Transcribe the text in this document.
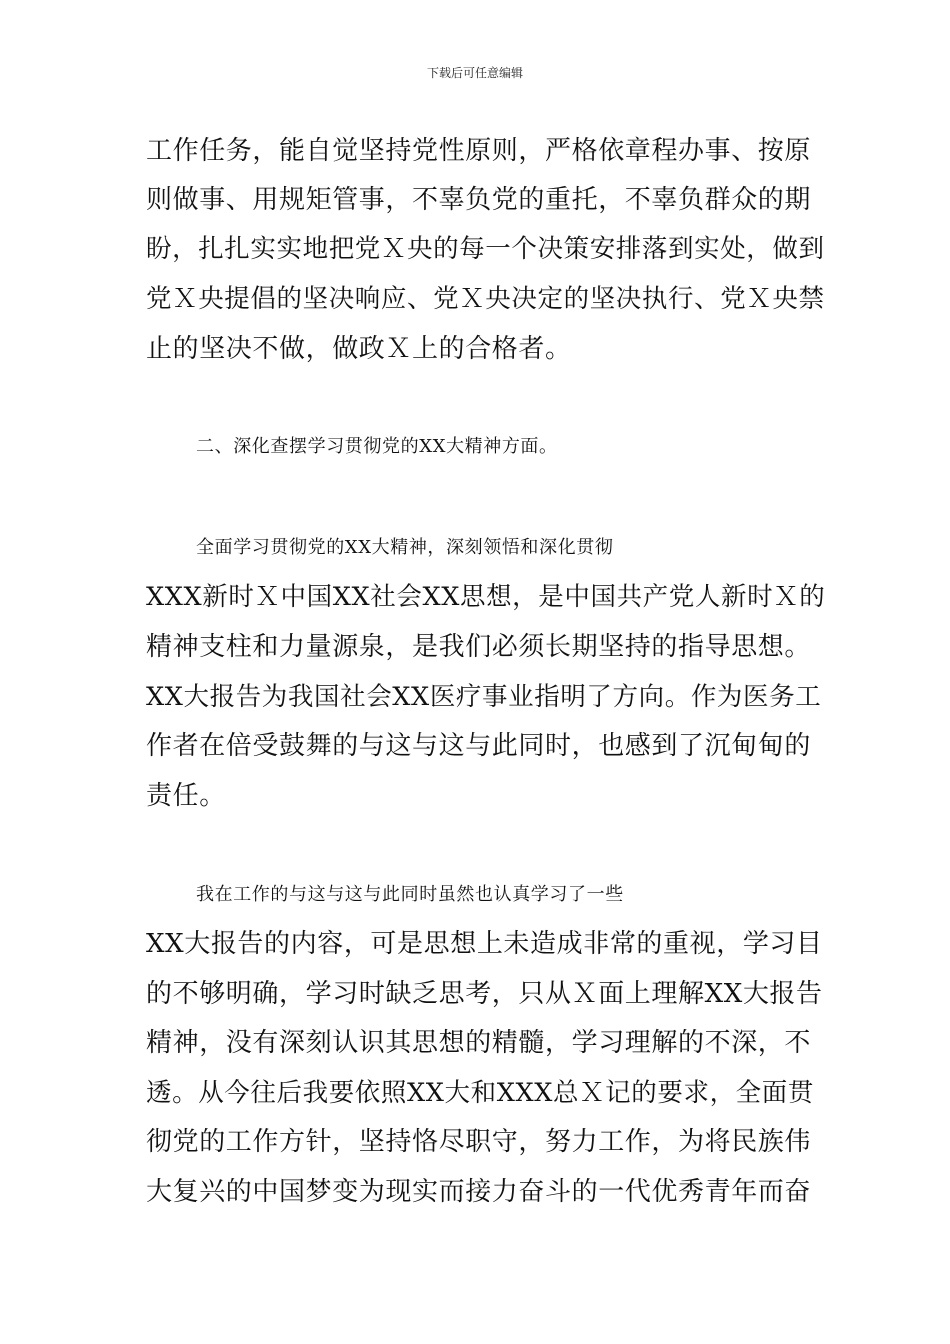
下载后可任意编辑
工作任务，能自觉坚持党性原则，严格依章程办事、按原
则做事、用规矩管事，不辜负党的重托，不辜负群众的期
盼，扎扎实实地把党Ｘ央的每一个决策安排落到实处，做到
党Ｘ央提倡的坚决响应、党Ｘ央决定的坚决执行、党Ｘ央禁
止的坚决不做，做政Ｘ上的合格者。
二、深化查摆学习贯彻党的XX大精神方面。
全面学习贯彻党的XX大精神，深刻领悟和深化贯彻
XXX新时Ｘ中国XX社会XX思想，是中国共产党人新时Ｘ的
精神支柱和力量源泉，是我们必须长期坚持的指导思想。
XX大报告为我国社会XX医疗事业指明了方向。作为医务工
作者在倍受鼓舞的与这与这与此同时，也感到了沉甸甸的
责任。
我在工作的与这与这与此同时虽然也认真学习了一些
XX大报告的内容，可是思想上未造成非常的重视，学习目
的不够明确，学习时缺乏思考，只从Ｘ面上理解XX大报告
精神，没有深刻认识其思想的精髓，学习理解的不深，不
透。从今往后我要依照XX大和XXX总Ｘ记的要求，全面贯
彻党的工作方针，坚持恪尽职守，努力工作，为将民族伟
大复兴的中国梦变为现实而接力奋斗的一代优秀青年而奋
